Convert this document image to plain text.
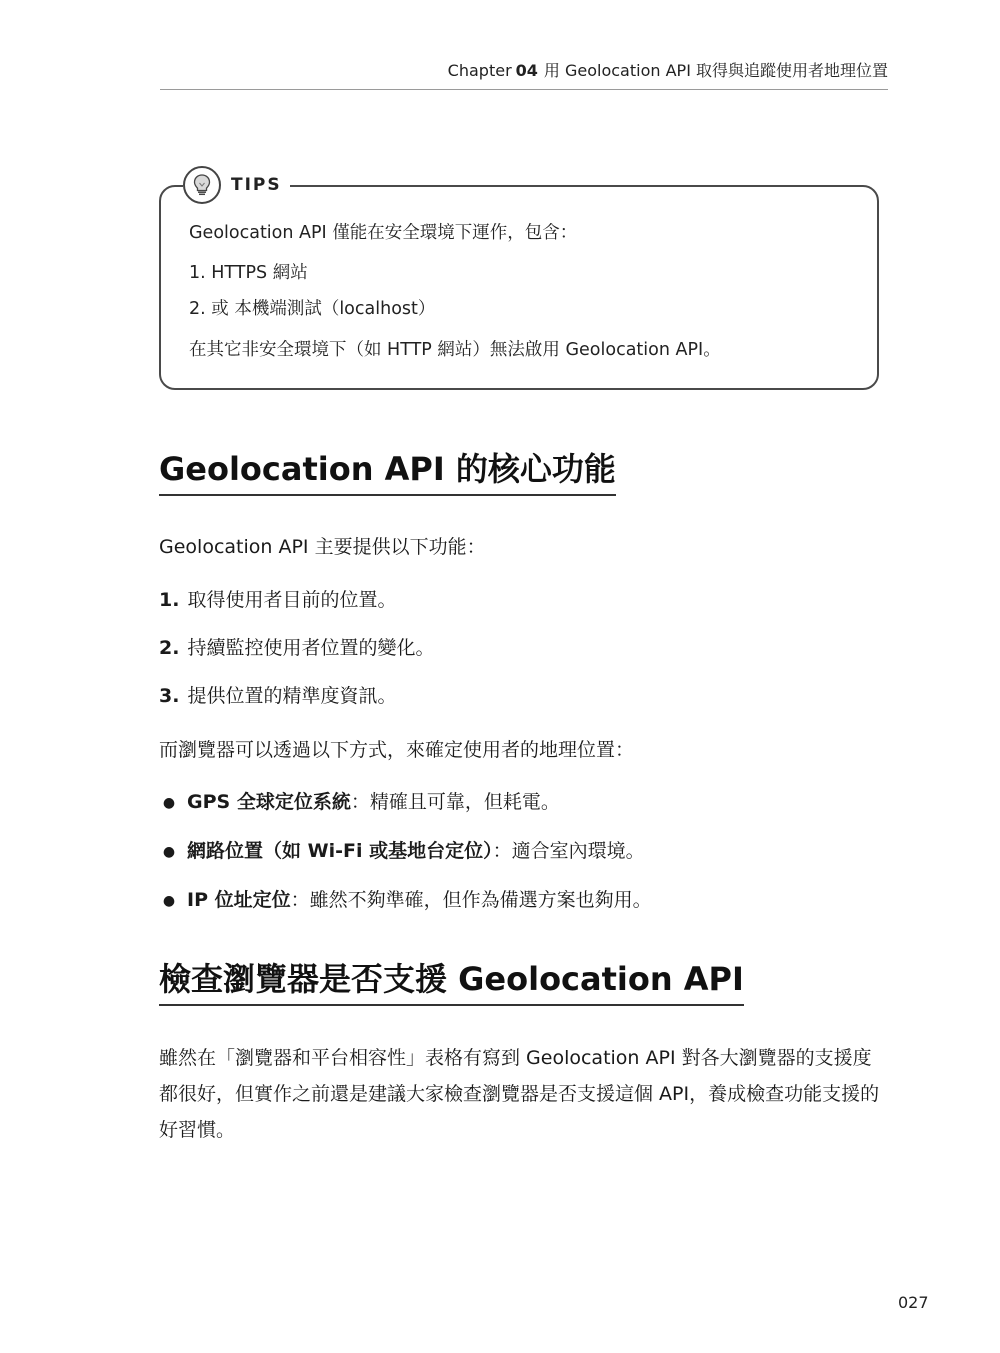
Chapter 04 用 Geolocation API 取得與追蹤使用者地理位置
TIPS

Geolocation API 僅能在安全環境下運作，包含：

1. HTTPS 網站

2. 或 本機端測試（localhost）

在其它非安全環境下（如 HTTP 網站）無法啟用 Geolocation API。

Geolocation API 的核心功能

Geolocation API 主要提供以下功能：

1. 取得使用者目前的位置。
2. 持續監控使用者位置的變化。
3. 提供位置的精準度資訊。

而瀏覽器可以透過以下方式，來確定使用者的地理位置：

● GPS 全球定位系統：精確且可靠，但耗電。
● 網路位置（如 Wi-Fi 或基地台定位）：適合室內環境。
● IP 位址定位：雖然不夠準確，但作為備選方案也夠用。
檢查瀏覽器是否支援 Geolocation API

雖然在「瀏覽器和平台相容性」表格有寫到 Geolocation API 對各大瀏覽器的支援度都很好，但實作之前還是建議大家檢查瀏覽器是否支援這個 API，養成檢查功能支援的好習慣。

027
